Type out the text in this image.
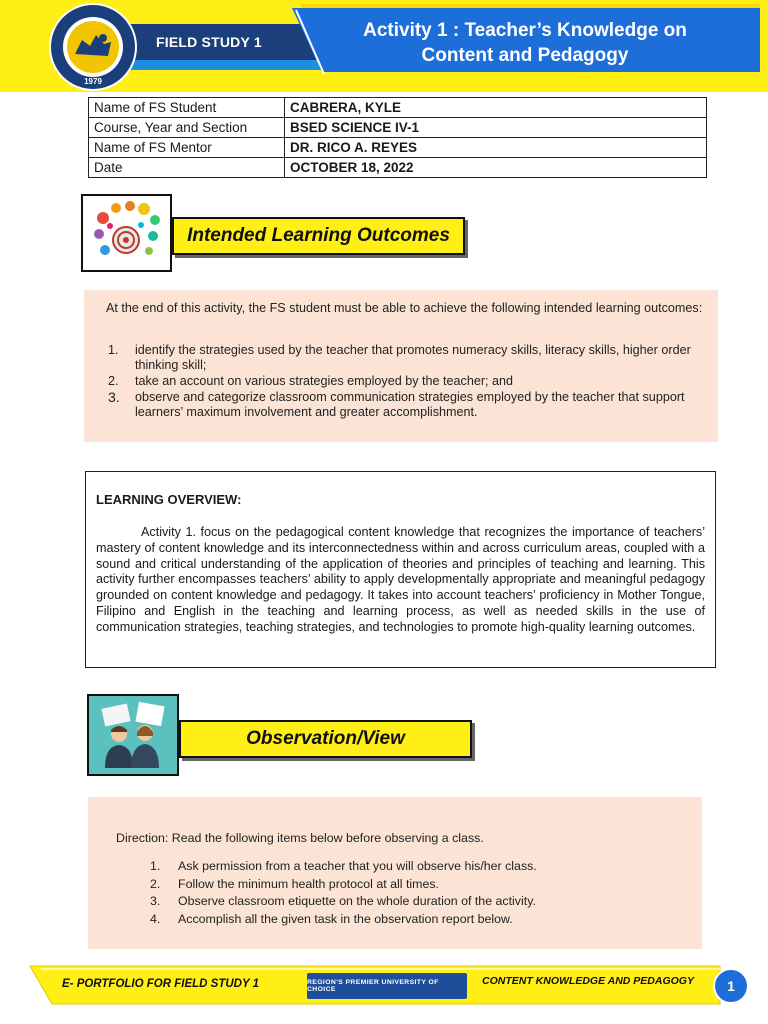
1979
FIELD STUDY 1
Activity 1 : Teacher’s Knowledge on
Content and Pedagogy
Name of FS Student	CABRERA, KYLE
Course, Year and Section	BSED SCIENCE IV-1
Name of FS Mentor	DR. RICO A. REYES
Date	OCTOBER 18, 2022
Intended Learning Outcomes
At the end of this activity, the FS student must be able to achieve the following intended learning outcomes:
1.	identify the strategies used by the teacher that promotes numeracy skills, literacy skills, higher order thinking skill;
2.	take an account on various strategies employed by the teacher; and
3.	observe and categorize classroom communication strategies employed by the teacher that support learners’ maximum involvement and greater accomplishment.
LEARNING OVERVIEW:
Activity 1. focus on the pedagogical content knowledge that recognizes the importance of teachers’ mastery of content knowledge and its interconnectedness within and across curriculum areas, coupled with a sound and critical understanding of the application of theories and principles of teaching and learning. This activity further encompasses teachers’ ability to apply developmentally appropriate and meaningful pedagogy grounded on content knowledge and pedagogy. It takes into account teachers’ proficiency in Mother Tongue, Filipino and English in the teaching and learning process, as well as needed skills in the use of communication strategies, teaching strategies, and technologies to promote high-quality learning outcomes.
Observation/View
Direction: Read the following items below before observing a class.
1.	Ask permission from a teacher that you will observe his/her class.
2.	Follow the minimum health protocol at all times.
3.	Observe classroom etiquette on the whole duration of the activity.
4.	Accomplish all the given task in the observation report below.
E- PORTFOLIO FOR FIELD STUDY 1	REGION'S PREMIER UNIVERSITY OF CHOICE
CONTENT KNOWLEDGE AND PEDAGOGY 1
